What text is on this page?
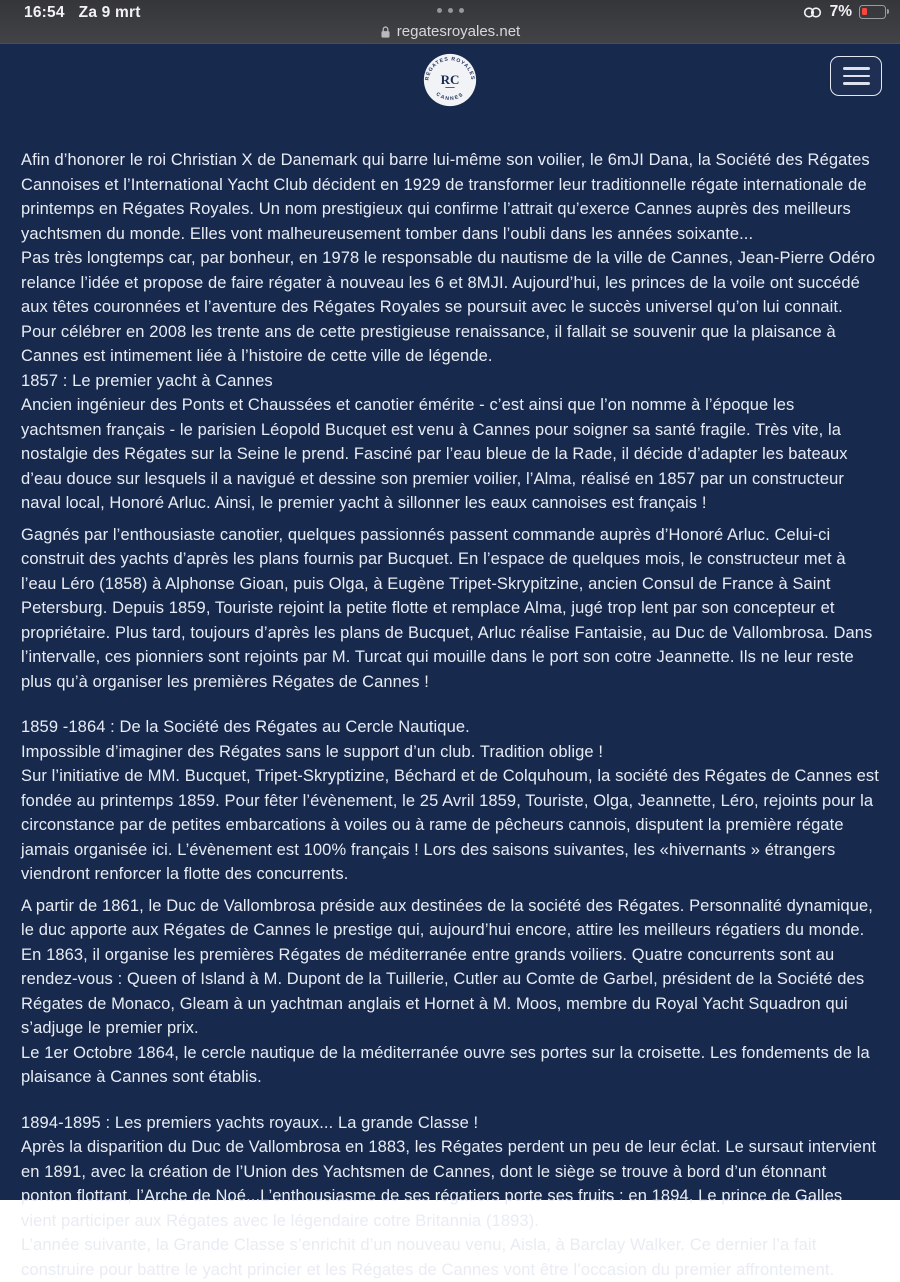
16:54 Za 9 mrt	7%
regatesroyales.net
RÉGATES ROYALES
CANNES
RC

Afin d’honorer le roi Christian X de Danemark qui barre lui-même son voilier, le 6mJI Dana, la Société des Régates Cannoises et l’International Yacht Club décident en 1929 de transformer leur traditionnelle régate internationale de printemps en Régates Royales. Un nom prestigieux qui confirme l’attrait qu’exerce Cannes auprès des meilleurs yachtsmen du monde. Elles vont malheureusement tomber dans l’oubli dans les années soixante...

Pas très longtemps car, par bonheur, en 1978 le responsable du nautisme de la ville de Cannes, Jean-Pierre Odéro relance l’idée et propose de faire régater à nouveau les 6 et 8MJI. Aujourd’hui, les princes de la voile ont succédé aux têtes couronnées et l’aventure des Régates Royales se poursuit avec le succès universel qu’on lui connait.

Pour célébrer en 2008 les trente ans de cette prestigieuse renaissance, il fallait se souvenir que la plaisance à Cannes est intimement liée à l’histoire de cette ville de légende.

1857 : Le premier yacht à Cannes

Ancien ingénieur des Ponts et Chaussées et canotier émérite - c’est ainsi que l’on nomme à l’époque les yachtsmen français - le parisien Léopold Bucquet est venu à Cannes pour soigner sa santé fragile. Très vite, la nostalgie des Régates sur la Seine le prend. Fasciné par l’eau bleue de la Rade, il décide d’adapter les bateaux d’eau douce sur lesquels il a navigué et dessine son premier voilier, l’Alma, réalisé en 1857 par un constructeur naval local, Honoré Arluc. Ainsi, le premier yacht à sillonner les eaux cannoises est français !

Gagnés par l’enthousiaste canotier, quelques passionnés passent commande auprès d’Honoré Arluc. Celui-ci construit des yachts d’après les plans fournis par Bucquet. En l’espace de quelques mois, le constructeur met à l’eau Léro (1858) à Alphonse Gioan, puis Olga, à Eugène Tripet-Skrypitzine, ancien Consul de France à Saint Petersburg. Depuis 1859, Touriste rejoint la petite flotte et remplace Alma, jugé trop lent par son concepteur et propriétaire. Plus tard, toujours d’après les plans de Bucquet, Arluc réalise Fantaisie, au Duc de Vallombrosa. Dans l’intervalle, ces pionniers sont rejoints par M. Turcat qui mouille dans le port son cotre Jeannette. Ils ne leur reste plus qu’à organiser les premières Régates de Cannes !

1859 -1864 : De la Société des Régates au Cercle Nautique.

Impossible d’imaginer des Régates sans le support d’un club. Tradition oblige !

Sur l’initiative de MM. Bucquet, Tripet-Skryptizine, Béchard et de Colquhoum, la société des Régates de Cannes est fondée au printemps 1859. Pour fêter l’évènement, le 25 Avril 1859, Touriste, Olga, Jeannette, Léro, rejoints pour la circonstance par de petites embarcations à voiles ou à rame de pêcheurs cannois, disputent la première régate jamais organisée ici. L’évènement est 100% français ! Lors des saisons suivantes, les «hivernants » étrangers viendront renforcer la flotte des concurrents.

A partir de 1861, le Duc de Vallombrosa préside aux destinées de la société des Régates. Personnalité dynamique, le duc apporte aux Régates de Cannes le prestige qui, aujourd’hui encore, attire les meilleurs régatiers du monde. En 1863, il organise les premières Régates de méditerranée entre grands voiliers. Quatre concurrents sont au rendez-vous : Queen of Island à M. Dupont de la Tuillerie, Cutler au Comte de Garbel, président de la Société des Régates de Monaco, Gleam à un yachtman anglais et Hornet à M. Moos, membre du Royal Yacht Squadron qui s’adjuge le premier prix.

Le 1er Octobre 1864, le cercle nautique de la méditerranée ouvre ses portes sur la croisette. Les fondements de la plaisance à Cannes sont établis.

1894-1895 : Les premiers yachts royaux... La grande Classe !

Après la disparition du Duc de Vallombrosa en 1883, les Régates perdent un peu de leur éclat. Le sursaut intervient en 1891, avec la création de l’Union des Yachtsmen de Cannes, dont le siège se trouve à bord d’un étonnant ponton flottant, l’Arche de Noé...L’enthousiasme de ses régatiers porte ses fruits : en 1894, Le prince de Galles vient participer aux Régates avec le légendaire cotre Britannia (1893).

L’année suivante, la Grande Classe s’enrichit d’un nouveau venu, Aisla, à Barclay Walker. Ce dernier l’a fait construire pour battre le yacht princier et les Régates de Cannes vont être l’occasion du premier affrontement.
